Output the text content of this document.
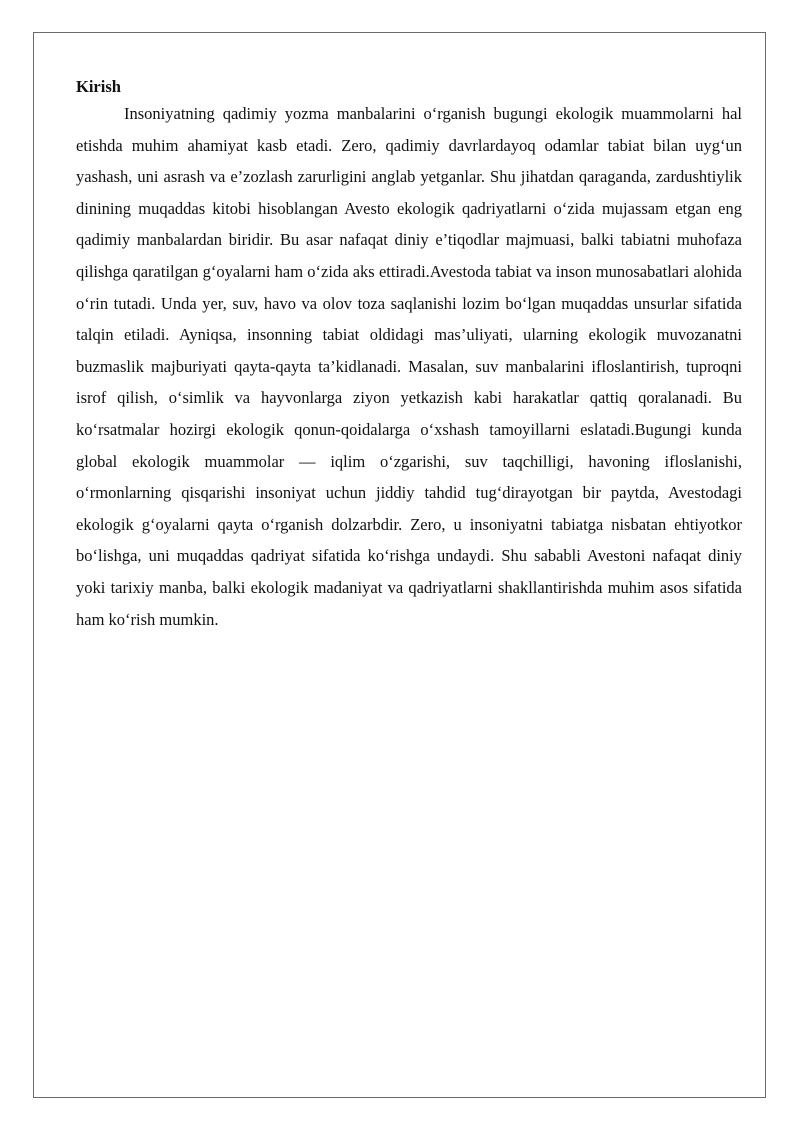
Kirish

Insoniyatning qadimiy yozma manbalarini o‘rganish bugungi ekologik muammolarni hal etishda muhim ahamiyat kasb etadi. Zero, qadimiy davrlardayoq odamlar tabiat bilan uyg‘un yashash, uni asrash va e’zozlash zarurligini anglab yetganlar. Shu jihatdan qaraganda, zardushtiylik dinining muqaddas kitobi hisoblangan Avesto ekologik qadriyatlarni o‘zida mujassam etgan eng qadimiy manbalardan biridir. Bu asar nafaqat diniy e’tiqodlar majmuasi, balki tabiatni muhofaza qilishga qaratilgan g‘oyalarni ham o‘zida aks ettiradi.Avestoda tabiat va inson munosabatlari alohida o‘rin tutadi. Unda yer, suv, havo va olov toza saqlanishi lozim bo‘lgan muqaddas unsurlar sifatida talqin etiladi. Ayniqsa, insonning tabiat oldidagi mas’uliyati, ularning ekologik muvozanatni buzmaslik majburiyati qayta-qayta ta’kidlanadi. Masalan, suv manbalarini ifloslantirish, tuproqni isrof qilish, o‘simlik va hayvonlarga ziyon yetkazish kabi harakatlar qattiq qoralanadi. Bu ko‘rsatmalar hozirgi ekologik qonun-qoidalarga o‘xshash tamoyillarni eslatadi.Bugungi kunda global ekologik muammolar — iqlim o‘zgarishi, suv taqchilligi, havoning ifloslanishi, o‘rmonlarning qisqarishi insoniyat uchun jiddiy tahdid tug‘dirayotgan bir paytda, Avestodagi ekologik g‘oyalarni qayta o‘rganish dolzarbdir. Zero, u insoniyatni tabiatga nisbatan ehtiyotkor bo‘lishga, uni muqaddas qadriyat sifatida ko‘rishga undaydi. Shu sababli Avestoni nafaqat diniy yoki tarixiy manba, balki ekologik madaniyat va qadriyatlarni shakllantirishda muhim asos sifatida ham ko‘rish mumkin.
